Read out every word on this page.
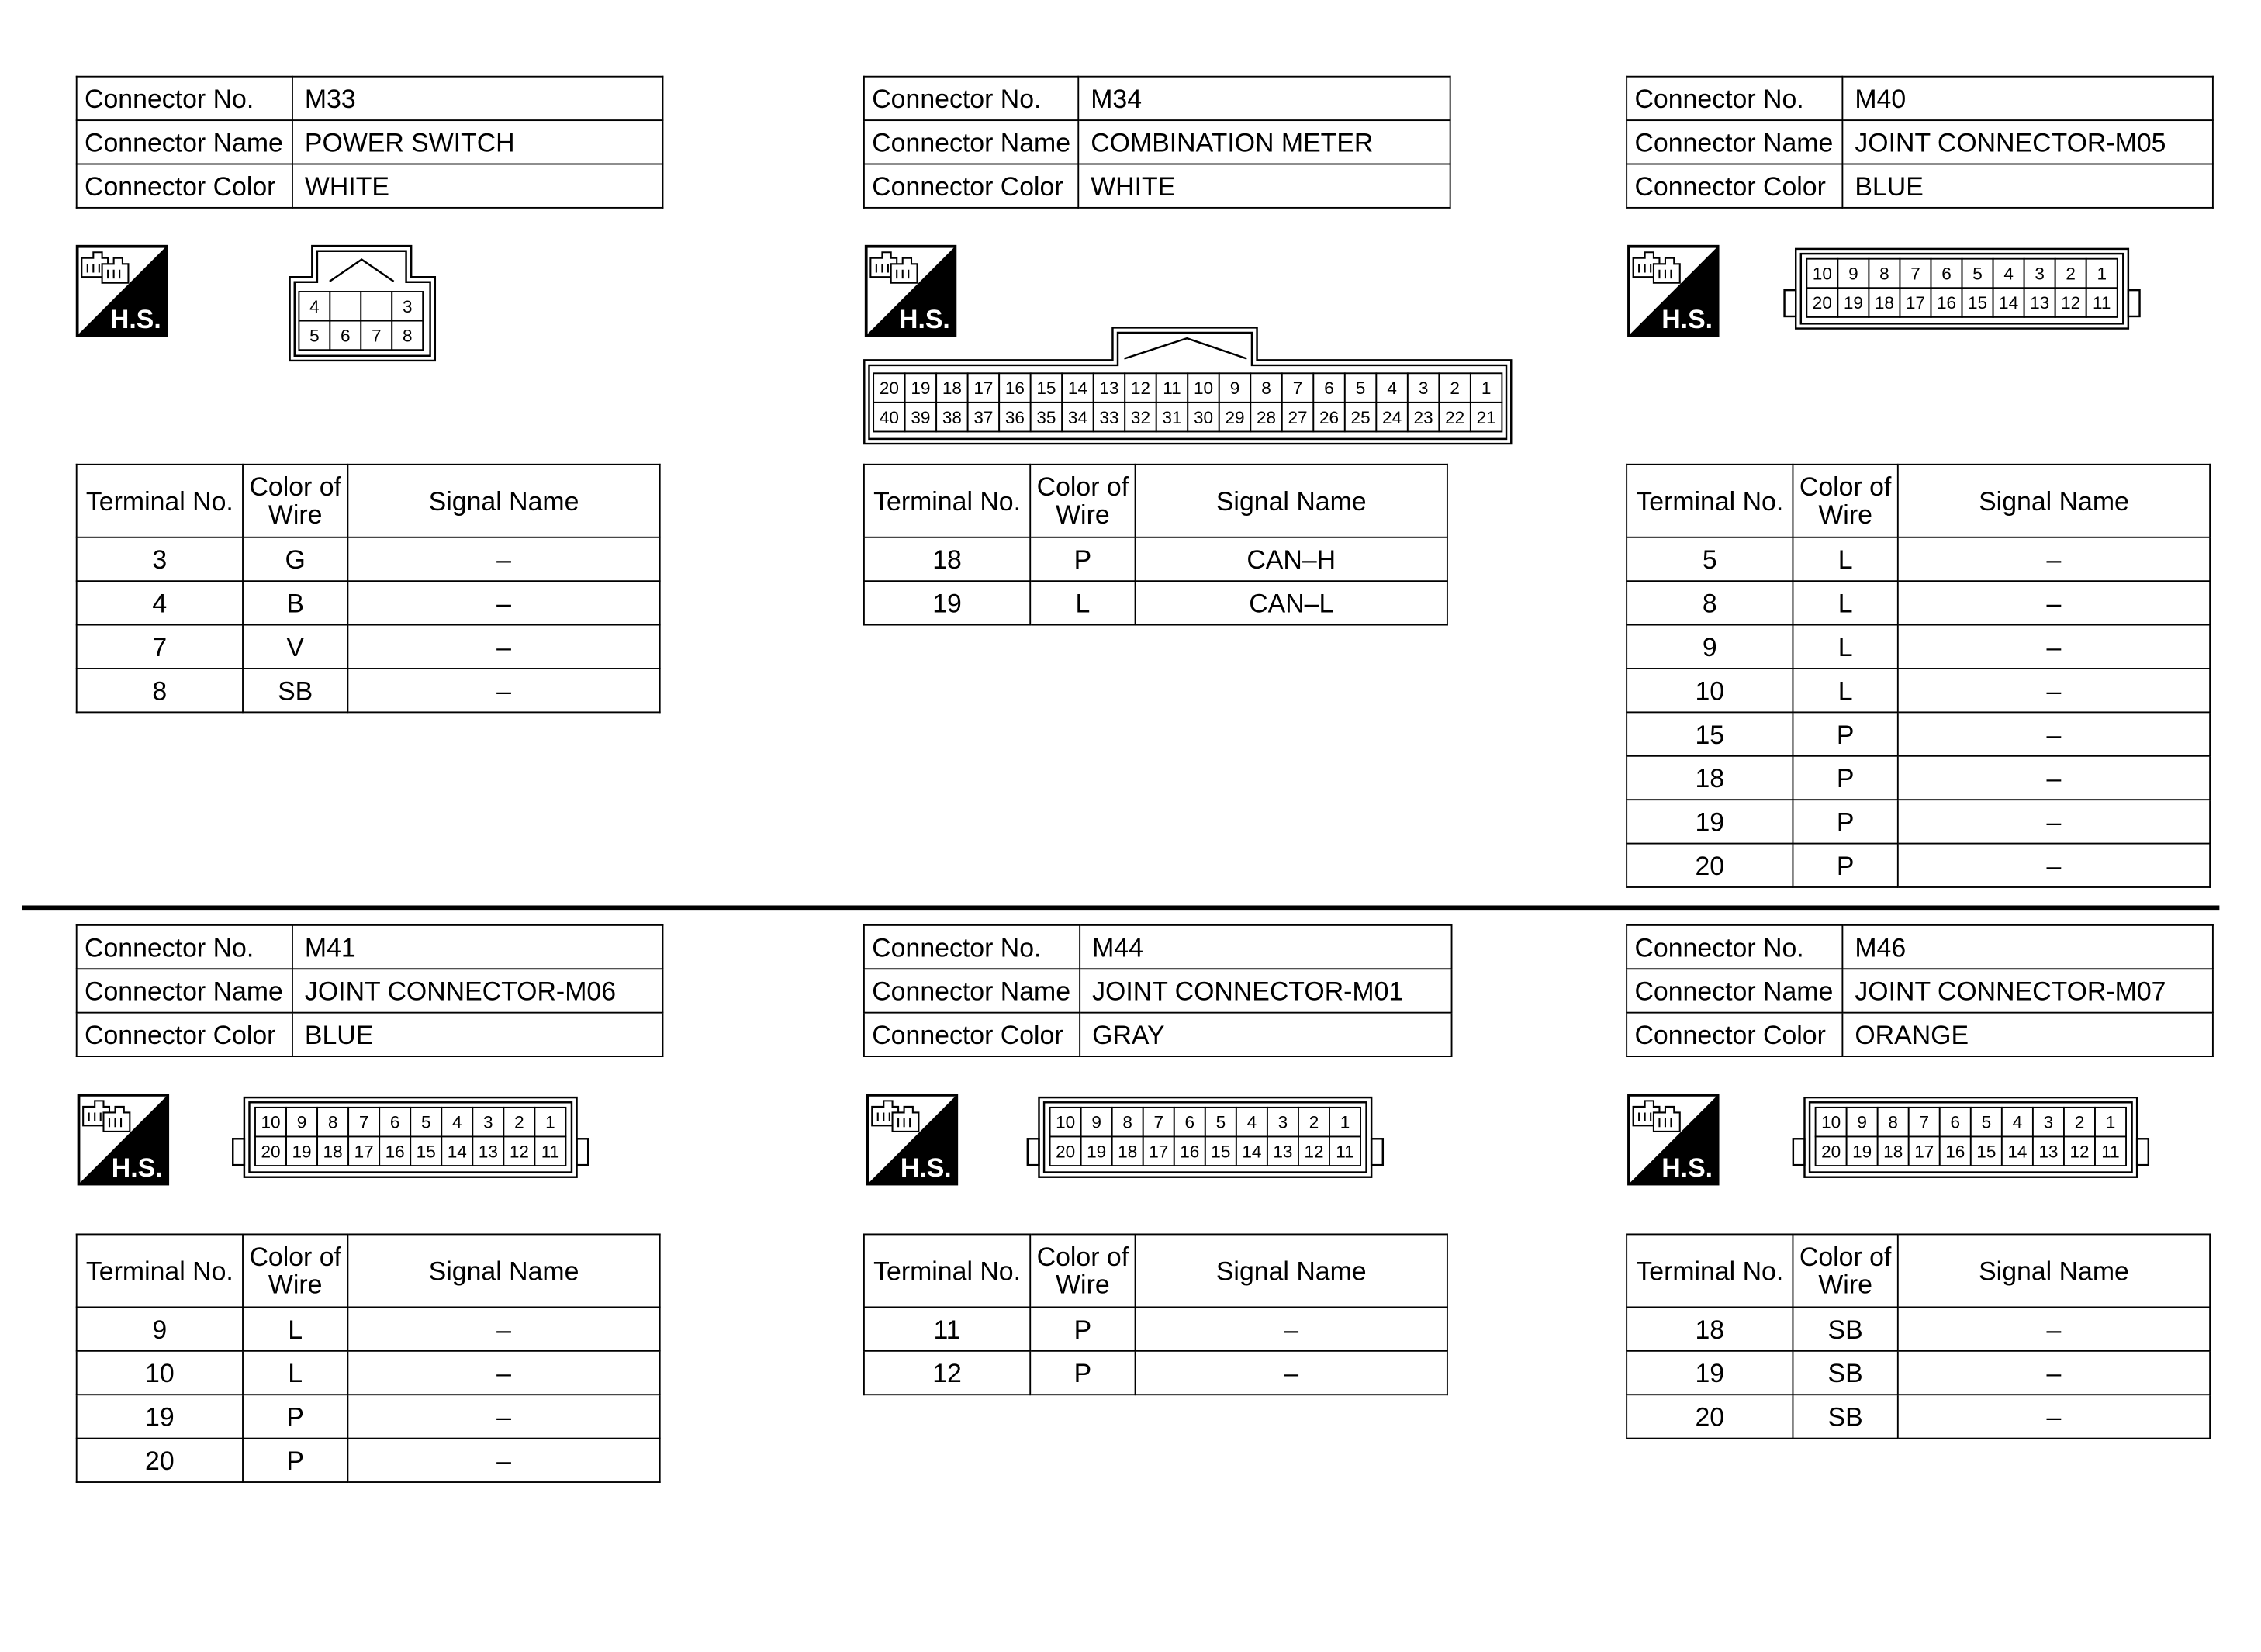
Connector No.	M33
Connector Name	POWER SWITCH
Connector Color	WHITE
H.S.	4	3
5 6 7 8
Terminal No.	Color of
Wire	Signal Name
3	G	–
4	B	–
7	V	–
8	SB	–
Connector No.	M34
Connector Name	COMBINATION METER
Connector Color	WHITE
H.S.
20 19 18 17 16 15 14 13 12 11 10 9 8 7 6 5 4 3 2 1
40 39 38 37 36 35 34 33 32 31 30 29 28 27 26 25 24 23 22 21
Terminal No.	Color of
Wire	Signal Name
18	P	CAN–H
19	L	CAN–L
Connector No.	M40
Connector Name	JOINT CONNECTOR-M05
Connector Color	BLUE
H.S.
10 9 8 7 6 5 4 3 2 1
20 19 18 17 16 15 14 13 12 11
Terminal No.	Color of
Wire	Signal Name
5	L	–
8	L	–
9	L	–
10	L	–
15	P	–
18	P	–
19	P	–
20	P	–
Connector No.	M41
Connector Name	JOINT CONNECTOR-M06
Connector Color	BLUE
H.S.
10 9 8 7 6 5 4 3 2 1
20 19 18 17 16 15 14 13 12 11
Terminal No.	Color of
Wire	Signal Name
9	L	–
10	L	–
19	P	–
20	P	–
Connector No.	M44
Connector Name	JOINT CONNECTOR-M01
Connector Color	GRAY
H.S.
10 9 8 7 6 5 4 3 2 1
20 19 18 17 16 15 14 13 12 11
Terminal No.	Color of
Wire	Signal Name
11	P	–
12	P	–
Connector No.	M46
Connector Name	JOINT CONNECTOR-M07
Connector Color	ORANGE
H.S.
10 9 8 7 6 5 4 3 2 1
20 19 18 17 16 15 14 13 12 11
Terminal No.	Color of
Wire	Signal Name
18	SB	–
19	SB	–
20	SB	–
